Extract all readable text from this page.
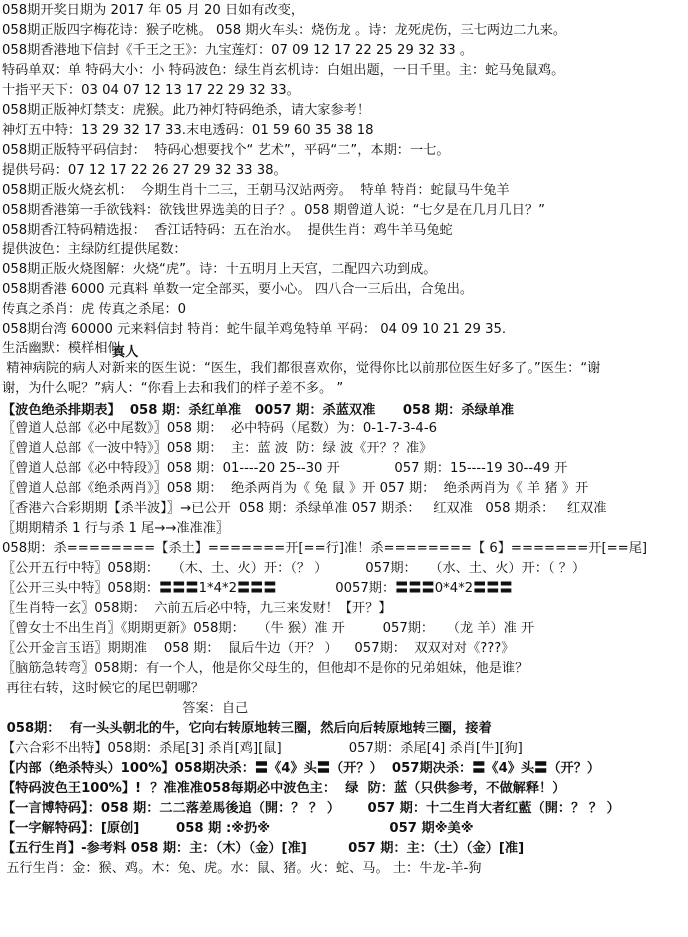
058期开奖日期为 2017 年 05 月 20 日如有改变，
058期正版四字梅花诗：猴子吃桃。 058 期火车头：烧伤龙 。诗：龙死虎伤，三七两边二九来。
058期香港地下信封《千王之王》：九宝莲灯：07 09 12 17 22 25 29 32 33 。
特码单双：单 特码大小：小 特码波色：绿生肖玄机诗：白姐出题，一日千里。主：蛇马兔鼠鸡。
十指平天下：03 04 07 12 13 17 22 29 32 33。
058期正版神灯禁支：虎猴。此乃神灯特码绝杀，请大家参考！
神灯五中特：13 29 32 17 33.末电透码：01 59 60 35 38 18
058期正版特平码信封：  特码心想要找个“ 艺术”，平码“二”，本期：一七。
提供号码：07 12 17 22 26 27 29 32 33 38。
058期正版火烧玄机：  今期生肖十二三，王朝马汉站两旁。  特单 特肖：蛇鼠马牛兔羊
058期香港第一手欲钱料：欲钱世界选美的日子？。058 期曾道人说：“七夕是在几月几日？”
058期香江特码精选报：  香江话特码：五在治水。  提供生肖：鸡牛羊马兔蛇
提供波色：主绿防红提供尾数：
058期正版火烧图解：火烧“虎”。诗：十五明月上天宫，二配四六功到成。
058期香港 6000 元真料 单数一定全部买，要小心。 四八合一三后出，合兔出。
传真之杀肖：虎 传真之杀尾：0
058期台湾 60000 元来料信封 特肖：蛇牛鼠羊鸡兔特单 平码： 04 09 10 21 29 35.
生活幽默：模样相似
真人
精神病院的病人对新来的医生说：“医生，我们都很喜欢你，觉得你比以前那位医生好多了。”医生：“谢
谢，为什么呢？”病人：“你看上去和我们的样子差不多。 ”
【波色绝杀排期表】  058 期：杀红单准   0057 期：杀蓝双准      058 期：杀绿单准
〖曾道人总部《必中尾数》〗058 期：  必中特码（尾数）为：0-1-7-3-4-6
〖曾道人总部《一波中特》〗058 期：  主：蓝 波  防：绿 波《开？？准》
〖曾道人总部《必中特段》〗058 期：01----20 25--30 开             057 期：15----19 30--49 开
〖曾道人总部《绝杀两肖》〗058 期：  绝杀两肖为《 兔 鼠 》开 057 期：  绝杀两肖为《 羊 猪 》开
〖香港六合彩期期【杀半波】〗→已公开  058 期：杀绿单准 057 期杀：   红双准   058 期杀：   红双准
〖期期精杀 1 行与杀 1 尾→→准准准〗
058期：杀========【杀土】=======开[==行]准！杀========【 6】=======开[==尾]
〖公开五行中特〗058期：   （木、土、火）开：（？ ）         057期：   （水、土、火）开：（ ？）
〖公开三头中特〗058期：〓〓〓1*4*2〓〓〓              0057期：〓〓〓0*4*2〓〓〓
〖生肖特一玄〗058期：  六前五后必中特，九三来发财！【开？】
〖曾女士不出生肖〗《期期更新》058期：   （牛 猴）准 开         057期：   （龙 羊）准 开
〖公开金言玉语〗期期准    058 期：  鼠后牛边（开？ ）    057期：  双双对对《???》
〖脑筋急转弯〗058期：有一个人，他是你父母生的，但他却不是你的兄弟姐妹，他是谁？
再往右转，这时候它的尾巴朝哪？
答案：自己
058期：  有一头头朝北的牛，它向右转原地转三圈，然后向后转原地转三圈，接着
【六合彩不出特】058期：杀尾[3] 杀肖[鸡][鼠]                057期：杀尾[4] 杀肖[牛][狗]
【内部（绝杀特头）100%】058期决杀：〓《4》头〓（开？）  057期决杀：〓《4》头〓（开？）
【特码波色王100%】!  ？准准准058每期必中波色主：  绿  防：蓝（只供参考，不做解释！）
【一言博特码】：058 期：二二落差馬後追（開：？ ？ ）      057 期：十二生肖大者红藍（開：？ ？ ）
【一字解特码】：[原创]        058 期 :※扔※                          057 期※美※
【五行生肖】-参考料 058 期：主：（木）（金）[准]         057 期：主：（土）（金）[准]
五行生肖：金：猴、鸡。木：兔、虎。水：鼠、猪。火：蛇、马。 土：牛龙-羊-狗
